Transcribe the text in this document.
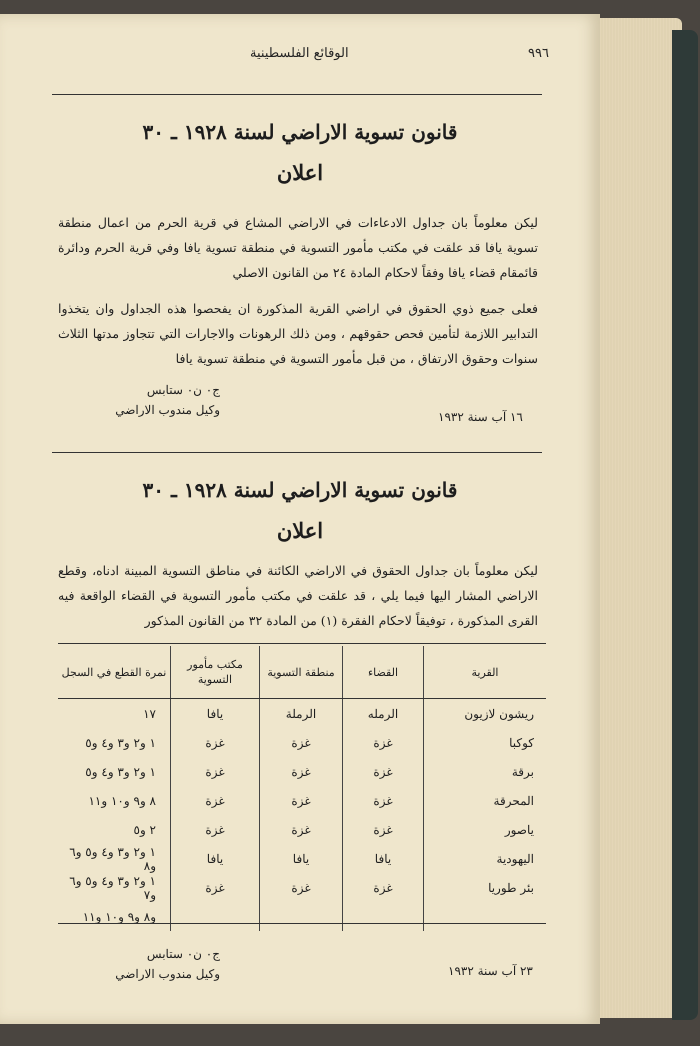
٩٩٦
الوقائع الفلسطينية
قانون تسوية الاراضي لسنة ١٩٢٨ ـ ٣٠
اعلان
ليكن معلوماً بان جداول الادعاءات في الاراضي المشاع في قرية الحرم من اعمال منطقة تسوية يافا قد علقت في مكتب مأمور التسوية في منطقة تسوية يافا وفي قرية الحرم ودائرة قائمقام قضاء يافا وفقاً لاحكام المادة ٢٤ من القانون الاصلي
فعلى جميع ذوي الحقوق في اراضي القرية المذكورة ان يفحصوا هذه الجداول وان يتخذوا التدابير اللازمة لتأمين فحص حقوقهم ، ومن ذلك الرهونات والاجارات التي تتجاوز مدتها الثلاث سنوات وحقوق الارتفاق ، من قبل مأمور التسوية في منطقة تسوية يافا
ج٠ ن٠ ستابس
وكيل مندوب الاراضي	١٦ آب سنة ١٩٣٢
قانون تسوية الاراضي لسنة ١٩٢٨ ـ ٣٠
اعلان
ليكن معلوماً بان جداول الحقوق في الاراضي الكائنة في مناطق التسوية المبينة ادناه، وقطع الاراضي المشار اليها فيما يلي ، قد علقت في مكتب مأمور التسوية في القضاء الواقعة فيه القرى المذكورة ، توفيقاً لاحكام الفقرة (١) من المادة ٣٢ من القانون المذكور
القرية	القضاء	منطقة التسوية	مكتب مأمور التسوية	نمرة القطع في السجل
ريشون لازيون	الرمله	الرملة	يافا	١٧
كوكبا	غزة	غزة	غزة	١ و٢ و٣ و٤ و٥
برقة	غزة	غزة	غزة	١ و٢ و٣ و٤ و٥
المحرقة	غزة	غزة	غزة	٨ و٩ و١٠ و١١
ياصور	غزة	غزة	غزة	٢ و٥
اليهودية	يافا	يافا	يافا	١ و٢ و٣ و٤ و٥ و٦ و٨
بئر طوريا	غزة	غزة	غزة	١ و٢ و٣ و٤ و٥ و٦ و٧
				و٨ و٩ و١٠ و١١
ج٠ ن٠ ستابس
وكيل مندوب الاراضي	٢٣ آب سنة ١٩٣٢
